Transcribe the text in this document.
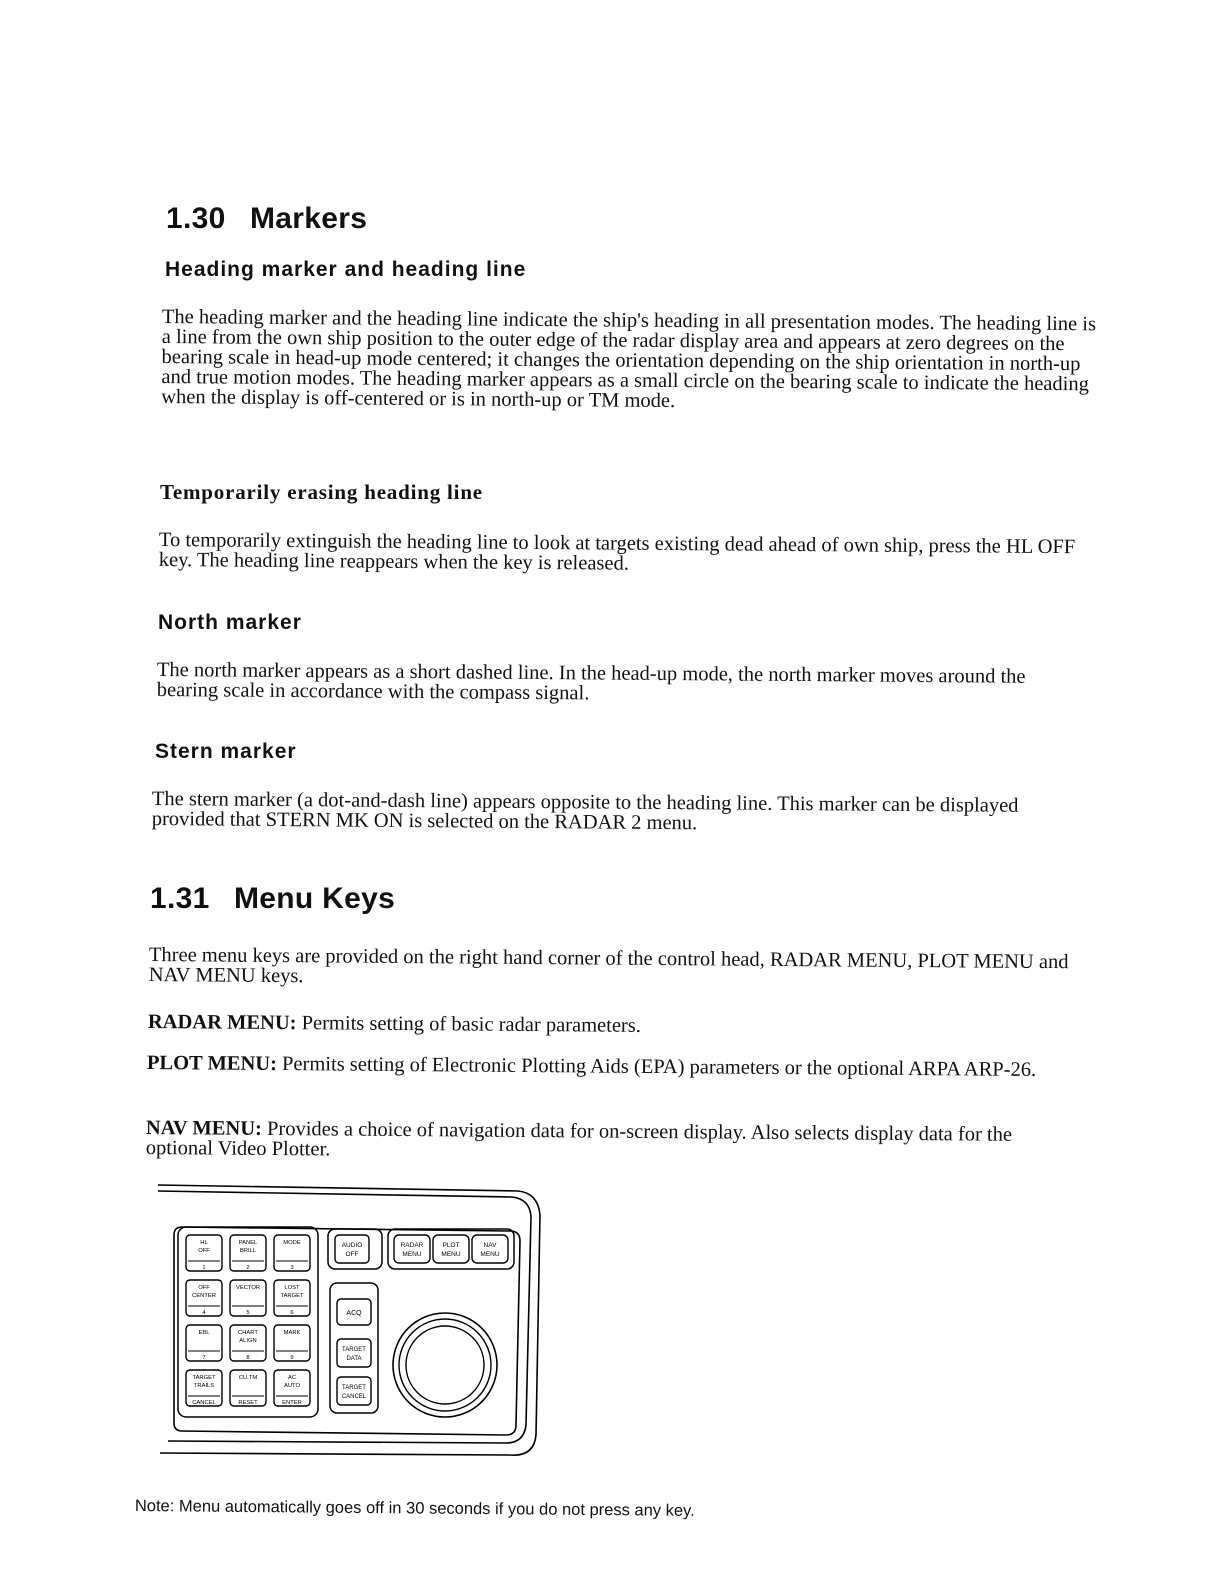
1.30 Markers
Heading marker and heading line

The heading marker and the heading line indicate the ship's heading in all presentation modes. The heading line is a line from the own ship position to the outer edge of the radar display area and appears at zero degrees on the bearing scale in head-up mode centered; it changes the orientation depending on the ship orientation in north-up and true motion modes. The heading marker appears as a small circle on the bearing scale to indicate the heading when the display is off-centered or is in north-up or TM mode.

Temporarily erasing heading line

To temporarily extinguish the heading line to look at targets existing dead ahead of own ship, press the HL OFF key. The heading line reappears when the key is released.

North marker

The north marker appears as a short dashed line. In the head-up mode, the north marker moves around the bearing scale in accordance with the compass signal.

Stern marker

The stern marker (a dot-and-dash line) appears opposite to the heading line. This marker can be displayed provided that STERN MK ON is selected on the RADAR 2 menu.

1.31 Menu Keys

Three menu keys are provided on the right hand corner of the control head, RADAR MENU, PLOT MENU and NAV MENU keys.

RADAR MENU: Permits setting of basic radar parameters.

PLOT MENU: Permits setting of Electronic Plotting Aids (EPA) parameters or the optional ARPA ARP-26.

NAV MENU: Provides a choice of navigation data for on-screen display. Also selects display data for the optional Video Plotter.

HL
OFF
1
PANEL
BRILL
2
MODE
3
OFF
CENTER
4
VECTOR
5
LOST
TARGET
6
EBL
7
CHART
ALIGN
8
MARK
9
TARGET
TRAILS
CANCEL
CU,TM
RESET
AC
AUTO
ENTER
AUDIO
OFF
RADAR
MENU
PLOT
MENU
NAV
MENU
ACQ
TARGET
DATA
TARGET
CANCEL

Note: Menu automatically goes off in 30 seconds if you do not press any key.
